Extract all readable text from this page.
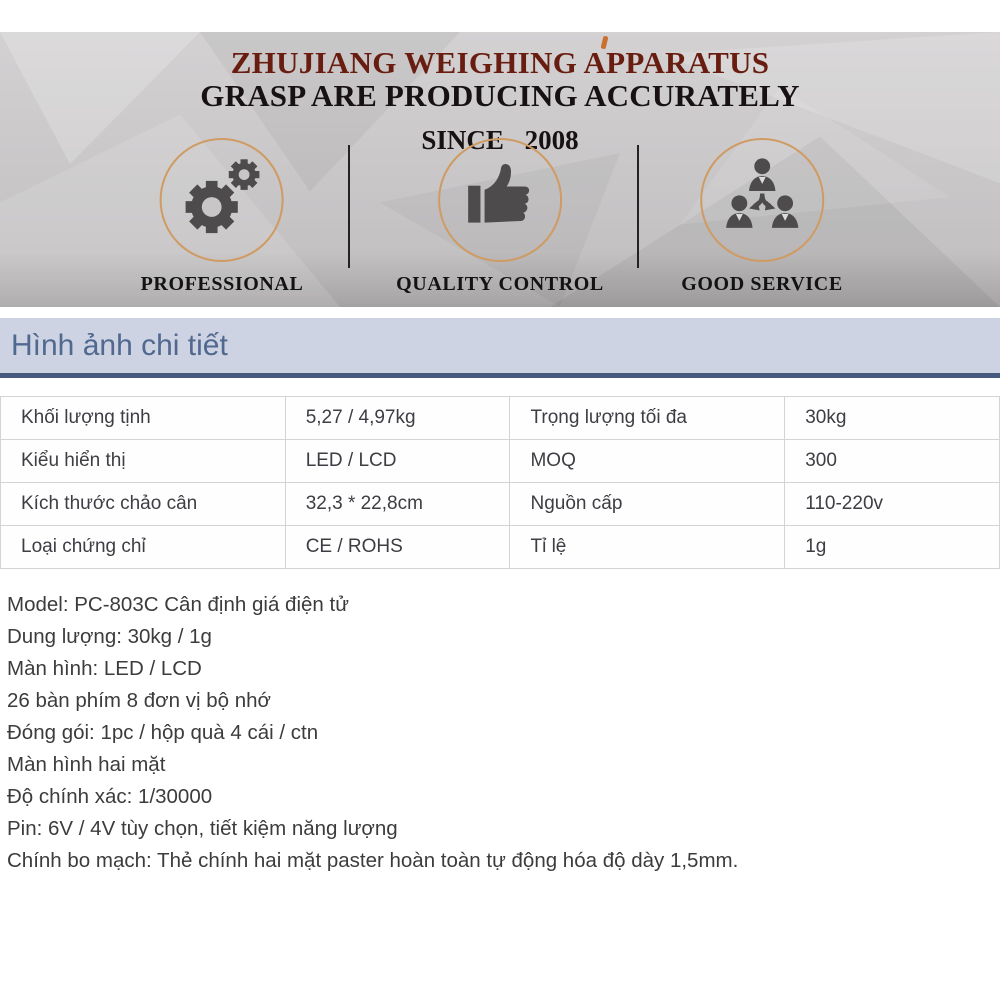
ZHUJIANG WEIGHING APPARATUS
GRASP ARE PRODUCING ACCURATELY
SINCE 2008
PROFESSIONAL	QUALITY CONTROL	GOOD SERVICE
Hình ảnh chi tiết
Khối lượng tịnh	5,27 / 4,97kg	Trọng lượng tối đa	30kg
Kiểu hiển thị	LED / LCD	MOQ	300
Kích thước chảo cân	32,3 * 22,8cm	Nguồn cấp	110-220v
Loại chứng chỉ	CE / ROHS	Tỉ lệ	1g

Model: PC-803C Cân định giá điện tử

Dung lượng: 30kg / 1g

Màn hình: LED / LCD

26 bàn phím 8 đơn vị bộ nhớ

Đóng gói: 1pc / hộp quà 4 cái / ctn

Màn hình hai mặt

Độ chính xác: 1/30000

Pin: 6V / 4V tùy chọn, tiết kiệm năng lượng

Chính bo mạch: Thẻ chính hai mặt paster hoàn toàn tự động hóa độ dày 1,5mm.
